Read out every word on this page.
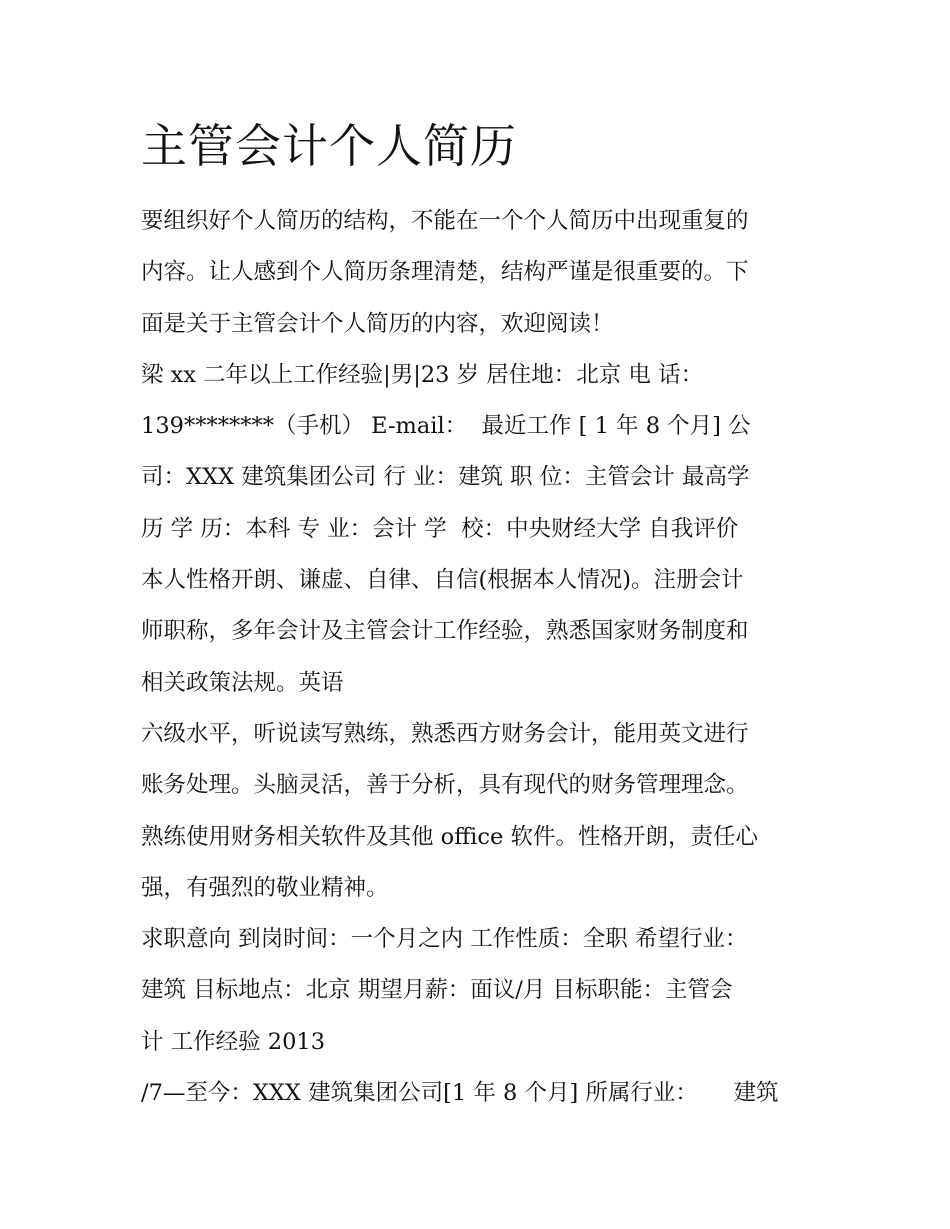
主管会计个人简历
要组织好个人简历的结构，不能在一个个人简历中出现重复的
内容。让人感到个人简历条理清楚，结构严谨是很重要的。下
面是关于主管会计个人简历的内容，欢迎阅读！
梁 xx 二年以上工作经验|男|23 岁 居住地：北京 电 话：
139********（手机） E-mail：  最近工作 [ 1 年 8 个月] 公
司：XXX 建筑集团公司 行 业：建筑 职 位：主管会计 最高学
历 学 历：本科 专 业：会计 学  校：中央财经大学 自我评价
本人性格开朗、谦虚、自律、自信(根据本人情况)。注册会计
师职称，多年会计及主管会计工作经验，熟悉国家财务制度和
相关政策法规。英语
六级水平，听说读写熟练，熟悉西方财务会计，能用英文进行
账务处理。头脑灵活，善于分析，具有现代的财务管理理念。
熟练使用财务相关软件及其他 office 软件。性格开朗，责任心
强，有强烈的敬业精神。
求职意向 到岗时间：一个月之内 工作性质：全职 希望行业：
建筑 目标地点：北京 期望月薪：面议/月 目标职能：主管会
计 工作经验 2013
/7—至今：XXX 建筑集团公司[1 年 8 个月] 所属行业：     建筑
